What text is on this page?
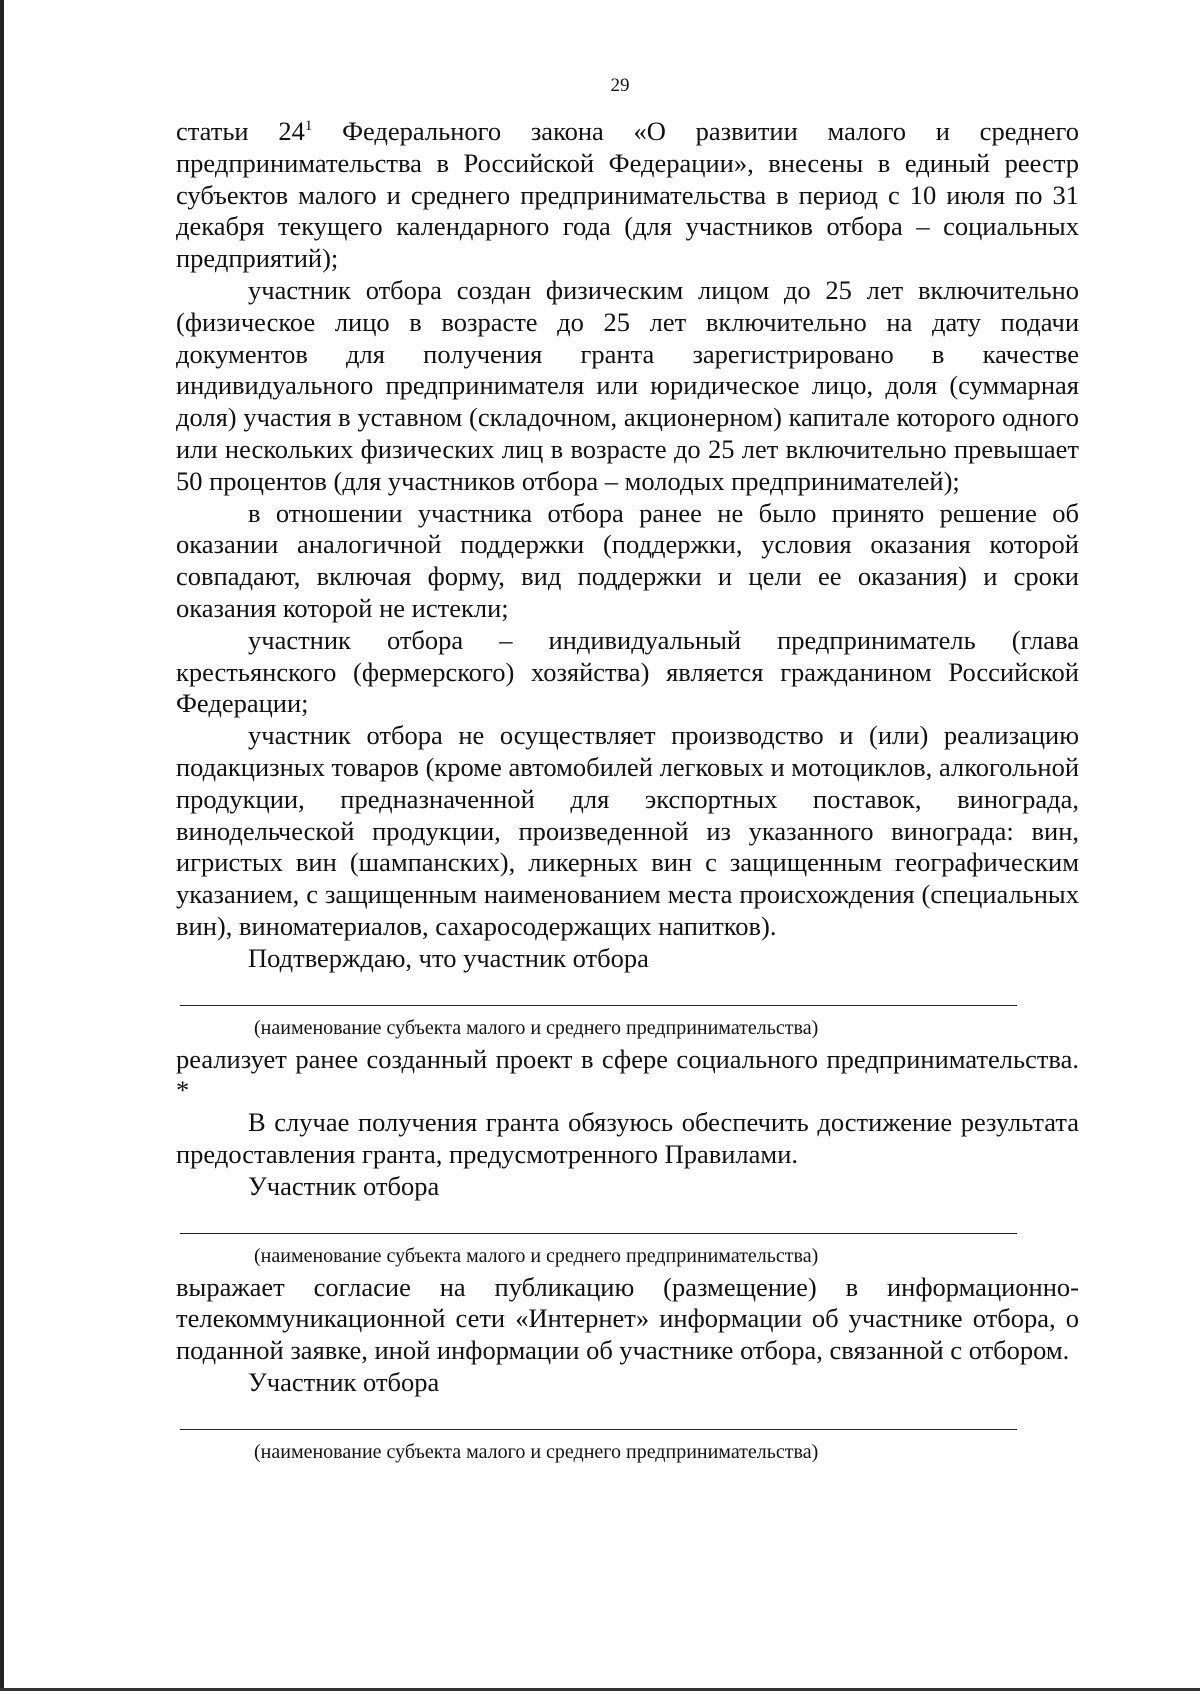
29

статьи $24^1$ Федерального закона «О развитии малого и среднего предпринимательства в Российской Федерации», внесены в единый реестр субъектов малого и среднего предпринимательства в период с 10 июля по 31 декабря текущего календарного года (для участников отбора – социальных предприятий);

участник отбора создан физическим лицом до 25 лет включительно (физическое лицо в возрасте до 25 лет включительно на дату подачи документов для получения гранта зарегистрировано в качестве индивидуального предпринимателя или юридическое лицо, доля (суммарная доля) участия в уставном (складочном, акционерном) капитале которого одного или нескольких физических лиц в возрасте до 25 лет включительно превышает 50 процентов (для участников отбора – молодых предпринимателей);

в отношении участника отбора ранее не было принято решение об оказании аналогичной поддержки (поддержки, условия оказания которой совпадают, включая форму, вид поддержки и цели ее оказания) и сроки оказания которой не истекли;

участник отбора – индивидуальный предприниматель (глава крестьянского (фермерского) хозяйства) является гражданином Российской Федерации;

участник отбора не осуществляет производство и (или) реализацию подакцизных товаров (кроме автомобилей легковых и мотоциклов, алкогольной продукции, предназначенной для экспортных поставок, винограда, винодельческой продукции, произведенной из указанного винограда: вин, игристых вин (шампанских), ликерных вин с защищенным географическим указанием, с защищенным наименованием места происхождения (специальных вин), виноматериалов, сахаросодержащих напитков).

Подтверждаю, что участник отбора

(наименование субъекта малого и среднего предпринимательства)

реализует ранее созданный проект в сфере социального предпринимательства. *

В случае получения гранта обязуюсь обеспечить достижение результата предоставления гранта, предусмотренного Правилами.

Участник отбора

(наименование субъекта малого и среднего предпринимательства)

выражает согласие на публикацию (размещение) в информационно-телекоммуникационной сети «Интернет» информации об участнике отбора, о поданной заявке, иной информации об участнике отбора, связанной с отбором.

Участник отбора

(наименование субъекта малого и среднего предпринимательства)
